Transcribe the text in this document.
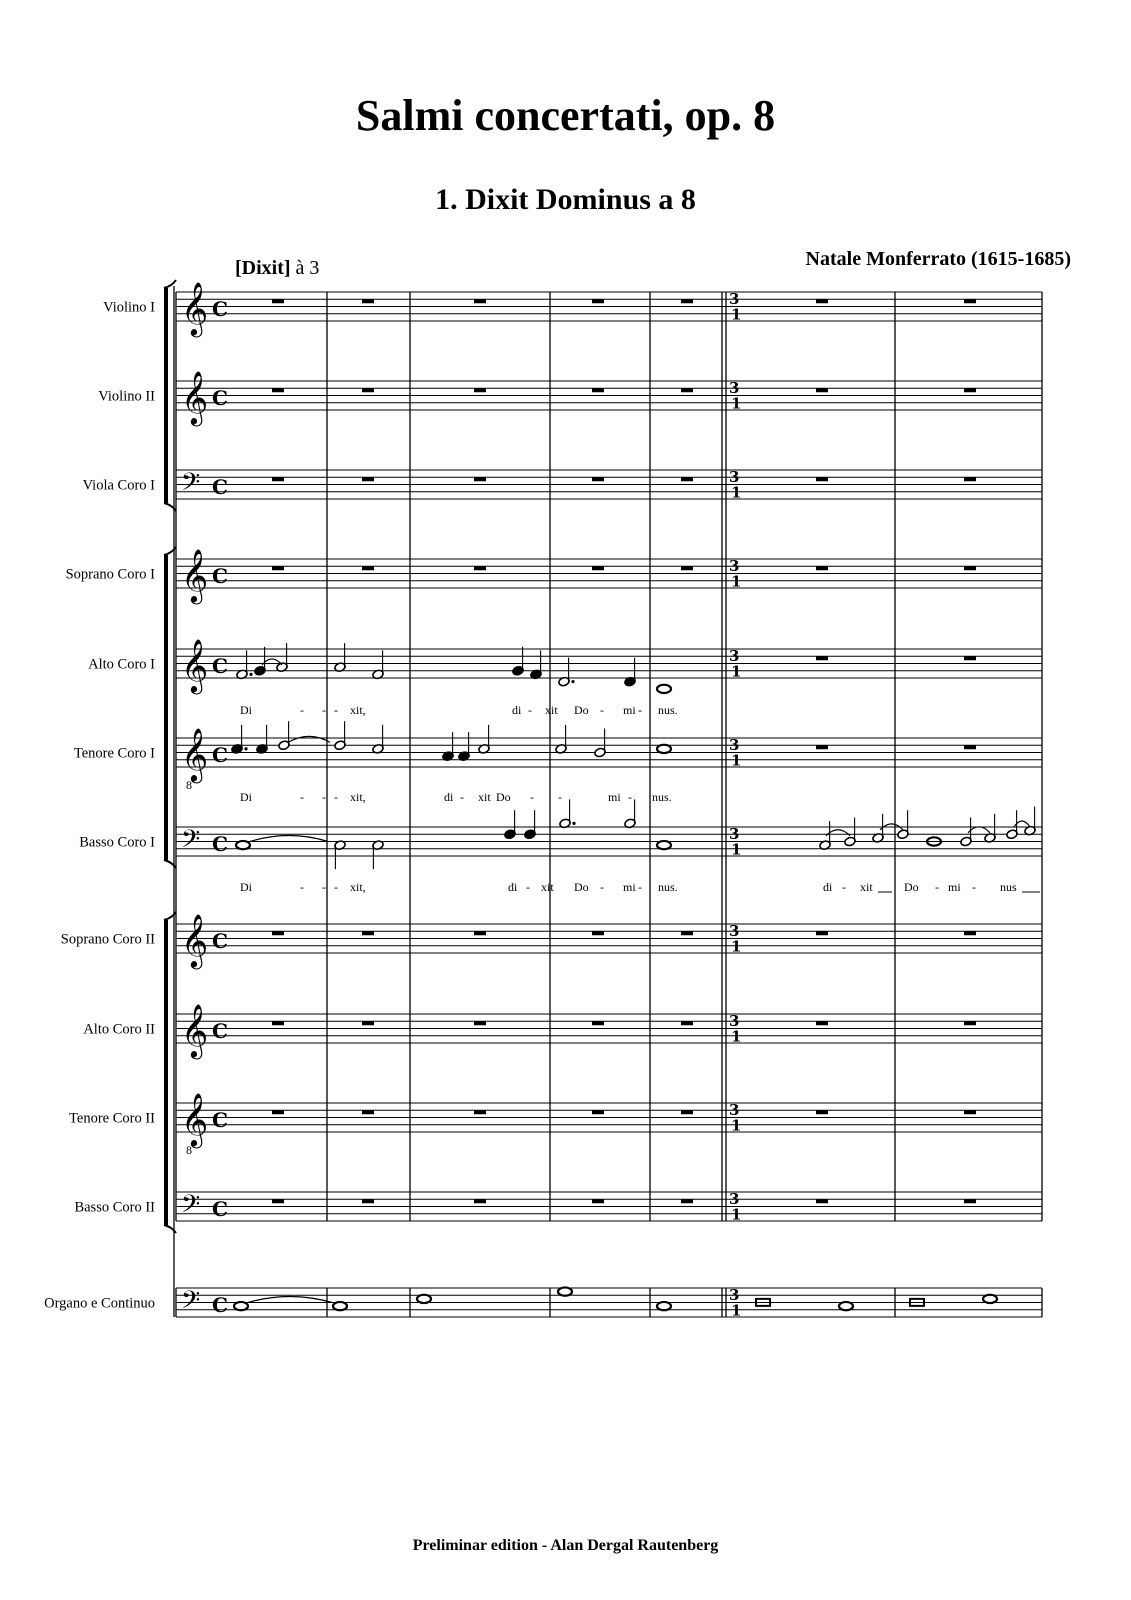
Salmi concertati, op. 8
1. Dixit Dominus a 8
Natale Monferrato (1615-1685)
[Dixit] à 3
Violino I 𝄞 C	3
1
Violino II 𝄞 C	3
1
Viola Coro I 𝄢 C	3
1
Soprano Coro I 𝄞 C	3
1
Alto Coro I 𝄞 C	3
1
Tenore Coro I 𝄞
8
C	3
1
Basso Coro I 𝄢 C	3
1
Soprano Coro II 𝄞 C	3
1
Alto Coro II 𝄞 C	3
1
Tenore Coro II 𝄞
8
C	3
1
Basso Coro II 𝄢 C	3
1
Organo e Continuo 𝄢 C	3
1
Di	- - - xit,	di - xit Do - mi - nus.
Di	- - - xit,	di - xit Do - -	mi - nus.
Di	- - - xit,	di - xit Do - mi - nus.	di - xit	Do - mi - nus
Preliminar edition - Alan Dergal Rautenberg
